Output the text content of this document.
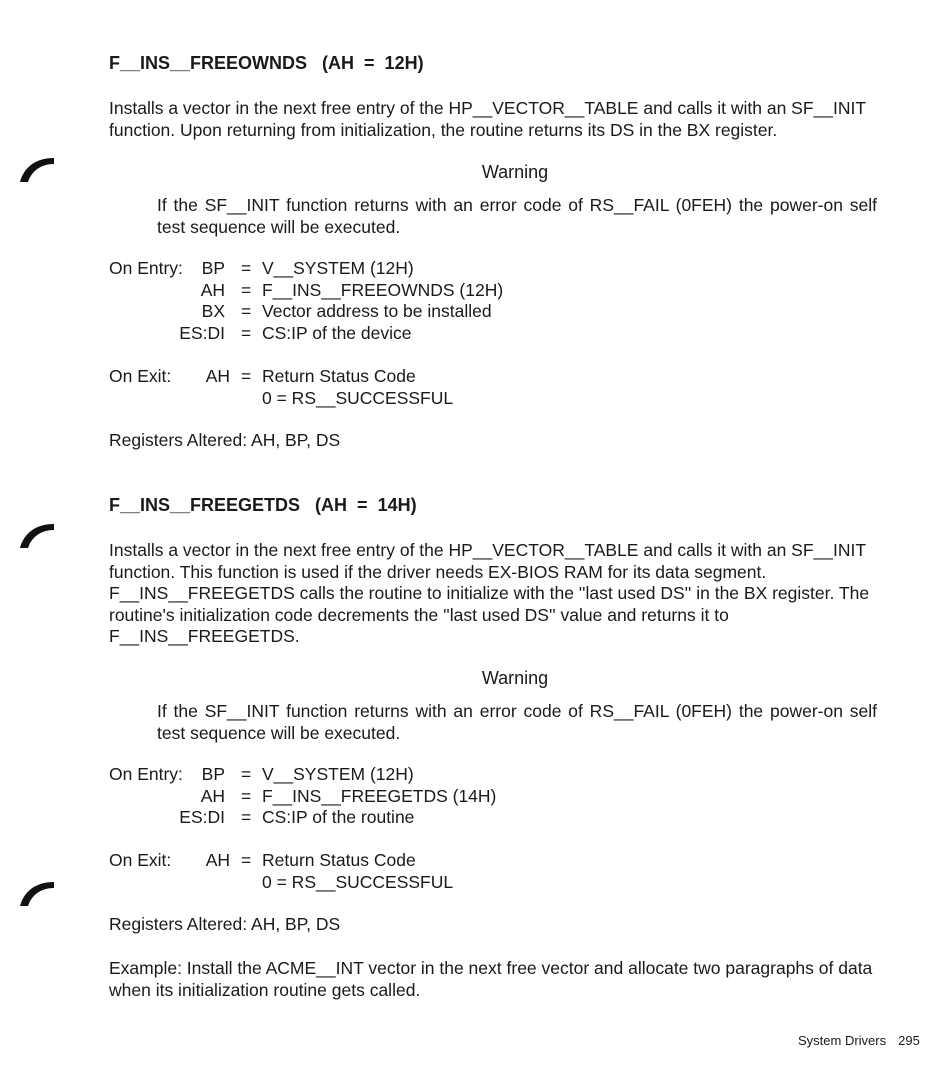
F__INS__FREEOWNDS   (AH  =  12H)
Installs a vector in the next free entry of the HP__VECTOR__TABLE and calls it with an SF__INIT function. Upon returning from initialization, the routine returns its DS in the BX register.
Warning
If the SF__INIT function returns with an error code of RS__FAIL (0FEH) the power-on self test sequence will be executed.
On Entry:	BP = V__SYSTEM (12H)
AH = F__INS__FREEOWNDS (12H)
BX = Vector address to be installed
ES:DI = CS:IP of the device
On Exit:	AH = Return Status Code
0 = RS__SUCCESSFUL
Registers Altered: AH, BP, DS
F__INS__FREEGETDS   (AH  =  14H)
Installs a vector in the next free entry of the HP__VECTOR__TABLE and calls it with an SF__INIT function. This function is used if the driver needs EX-BIOS RAM for its data segment. F__INS__FREEGETDS calls the routine to initialize with the ''last used DS'' in the BX register. The routine's initialization code decrements the ''last used DS'' value and returns it to F__INS__FREEGETDS.
Warning
If the SF__INIT function returns with an error code of RS__FAIL (0FEH) the power-on self test sequence will be executed.
On Entry:	BP = V__SYSTEM (12H)
AH = F__INS__FREEGETDS (14H)
ES:DI = CS:IP of the routine
On Exit:	AH = Return Status Code
0 = RS__SUCCESSFUL
Registers Altered: AH, BP, DS
Example: Install the ACME__INT vector in the next free vector and allocate two paragraphs of data when its initialization routine gets called.
System Drivers 295
